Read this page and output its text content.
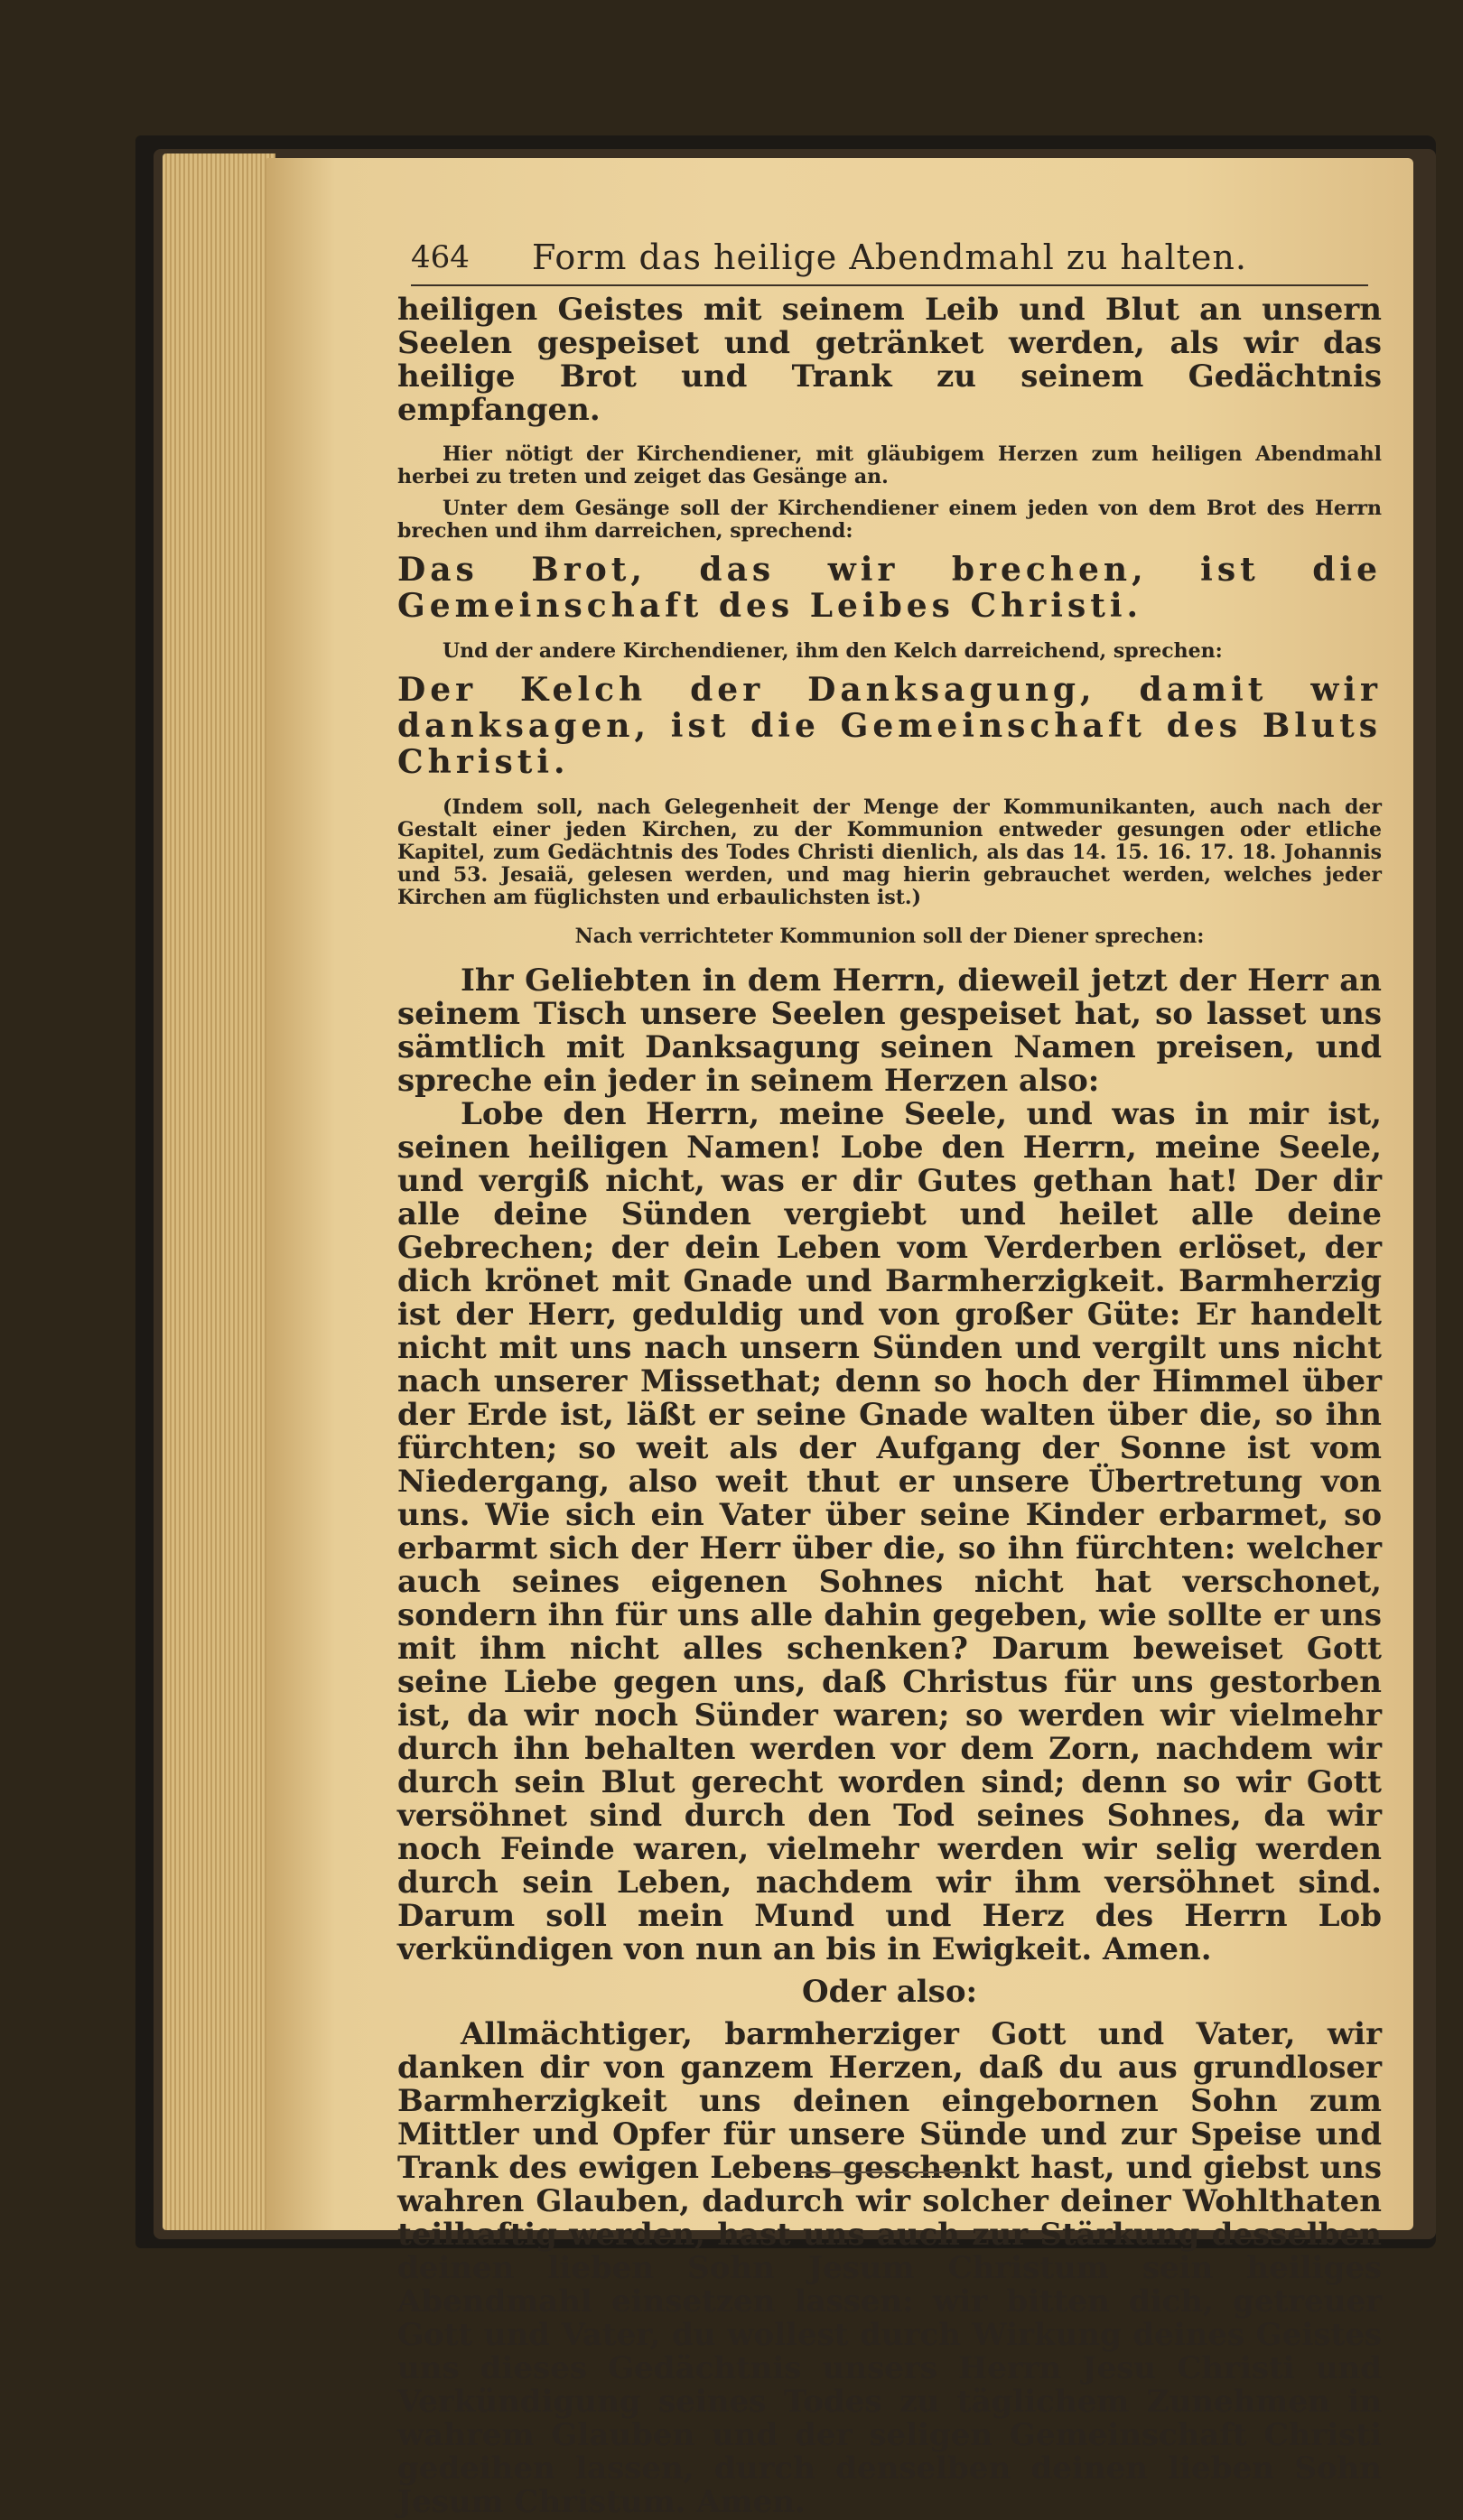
464	Form das heilige Abendmahl zu halten.

heiligen Geistes mit seinem Leib und Blut an unsern Seelen gespeiset und getränket werden, als wir das heilige Brot und Trank zu seinem Gedächtnis empfangen.

Hier nötigt der Kirchendiener, mit gläubigem Herzen zum heiligen Abendmahl herbei zu treten und zeiget das Gesänge an.

Unter dem Gesänge soll der Kirchendiener einem jeden von dem Brot des Herrn brechen und ihm darreichen, sprechend:

Das Brot, das wir brechen, ist die Gemeinschaft des Leibes Christi.

Und der andere Kirchendiener, ihm den Kelch darreichend, sprechen:

Der Kelch der Danksagung, damit wir danksagen, ist die Gemeinschaft des Bluts Christi.

(Indem soll, nach Gelegenheit der Menge der Kommunikanten, auch nach der Gestalt einer jeden Kirchen, zu der Kommunion entweder gesungen oder etliche Kapitel, zum Gedächtnis des Todes Christi dienlich, als das 14. 15. 16. 17. 18. Johannis und 53. Jesaiä, gelesen werden, und mag hierin gebrauchet werden, welches jeder Kirchen am füglichsten und erbaulichsten ist.)

Nach verrichteter Kommunion soll der Diener sprechen:

Ihr Geliebten in dem Herrn, dieweil jetzt der Herr an seinem Tisch unsere Seelen gespeiset hat, so lasset uns sämtlich mit Danksagung seinen Namen preisen, und spreche ein jeder in seinem Herzen also:

Lobe den Herrn, meine Seele, und was in mir ist, seinen heiligen Namen! Lobe den Herrn, meine Seele, und vergiß nicht, was er dir Gutes gethan hat! Der dir alle deine Sünden vergiebt und heilet alle deine Gebrechen; der dein Leben vom Verderben erlöset, der dich krönet mit Gnade und Barmherzigkeit. Barmherzig ist der Herr, geduldig und von großer Güte: Er handelt nicht mit uns nach unsern Sünden und vergilt uns nicht nach unserer Missethat; denn so hoch der Himmel über der Erde ist, läßt er seine Gnade walten über die, so ihn fürchten; so weit als der Aufgang der Sonne ist vom Niedergang, also weit thut er unsere Übertretung von uns. Wie sich ein Vater über seine Kinder erbarmet, so erbarmt sich der Herr über die, so ihn fürchten: welcher auch seines eigenen Sohnes nicht hat verschonet, sondern ihn für uns alle dahin gegeben, wie sollte er uns mit ihm nicht alles schenken? Darum beweiset Gott seine Liebe gegen uns, daß Christus für uns gestorben ist, da wir noch Sünder waren; so werden wir vielmehr durch ihn behalten werden vor dem Zorn, nachdem wir durch sein Blut gerecht worden sind; denn so wir Gott versöhnet sind durch den Tod seines Sohnes, da wir noch Feinde waren, vielmehr werden wir selig werden durch sein Leben, nachdem wir ihm versöhnet sind. Darum soll mein Mund und Herz des Herrn Lob verkündigen von nun an bis in Ewigkeit. Amen.

Oder also:

Allmächtiger, barmherziger Gott und Vater, wir danken dir von ganzem Herzen, daß du aus grundloser Barmherzigkeit uns deinen eingebornen Sohn zum Mittler und Opfer für unsere Sünde und zur Speise und Trank des ewigen Lebens geschenkt hast, und giebst uns wahren Glauben, dadurch wir solcher deiner Wohlthaten teilhaftig werden, hast uns auch zur Stärkung desselben deinen lieben Sohn Jesum Christum sein heiliges Abendmahl einsetzen lassen: wir bitten dich, getreuer Gott und Vater, du wollest durch Wirkung deines Geistes uns dieses Gedächtnis unsers Herrn Jesu Christi und Verkündigung seines Todes zu täglichem Zunehmen in wahrem Glauben und der seligen Gemeinschaft Christi gedeihen lassen, durch denselben deinen lieben Sohn Jesum Christum. Amen.
